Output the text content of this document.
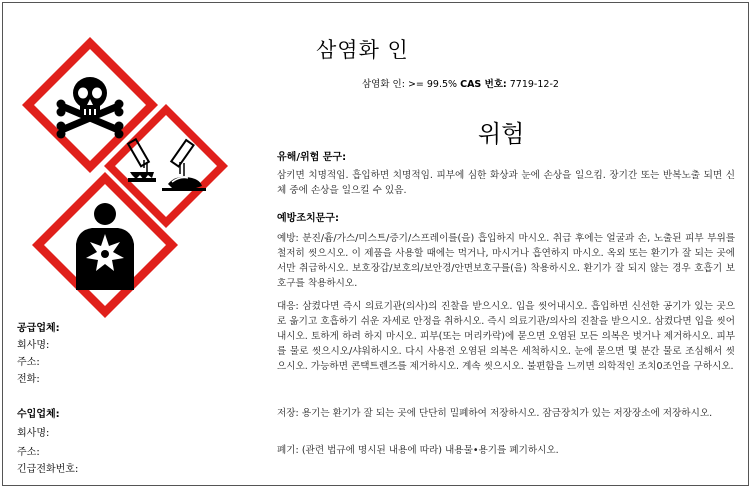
삼염화 인
삼염화 인: >= 99.5% CAS 번호: 7719-12-2
위험
유해/위험 문구:
삼키면 치명적임. 흡입하면 치명적임. 피부에 심한 화상과 눈에 손상을 일으킴. 장기간 또는 반복노출 되면 신체 중에 손상을 일으킬 수 있음.
예방조치문구:
예방: 분진/흄/가스/미스트/증기/스프레이를(을) 흡입하지 마시오. 취급 후에는 얼굴과 손, 노출된 피부 부위를 철저히 씻으시오. 이 제품을 사용할 때에는 먹거나, 마시거나 흡연하지 마시오. 옥외 또는 환기가 잘 되는 곳에서만 취급하시오. 보호장갑/보호의/보안경/안면보호구를(을) 착용하시오. 환기가 잘 되지 않는 경우 호흡기 보호구를 착용하시오.
대응: 삼켰다면 즉시 의료기관(의사)의 진찰을 받으시오. 입을 씻어내시오. 흡입하면 신선한 공기가 있는 곳으로 옮기고 호흡하기 쉬운 자세로 안정을 취하시오. 즉시 의료기관/의사의 진찰을 받으시오. 삼켰다면 입을 씻어내시오. 토하게 하려 하지 마시오. 피부(또는 머리카락)에 묻으면 오염된 모든 의복은 벗거나 제거하시오. 피부를 물로 씻으시오/샤워하시오. 다시 사용전 오염된 의복은 세척하시오. 눈에 묻으면 몇 분간 물로 조심해서 씻으시오. 가능하면 콘택트렌즈를 제거하시오. 계속 씻으시오. 불편함을 느끼면 의학적인 조치0조언을 구하시오.
저장: 용기는 환기가 잘 되는 곳에 단단히 밀폐하여 저장하시오. 잠금장치가 있는 저장장소에 저장하시오.
폐기: (관련 법규에 명시된 내용에 따라) 내용물•용기를 폐기하시오.
공급업체:
회사명:
주소:
전화:
수입업체:
회사명:
주소:
긴급전화번호:
